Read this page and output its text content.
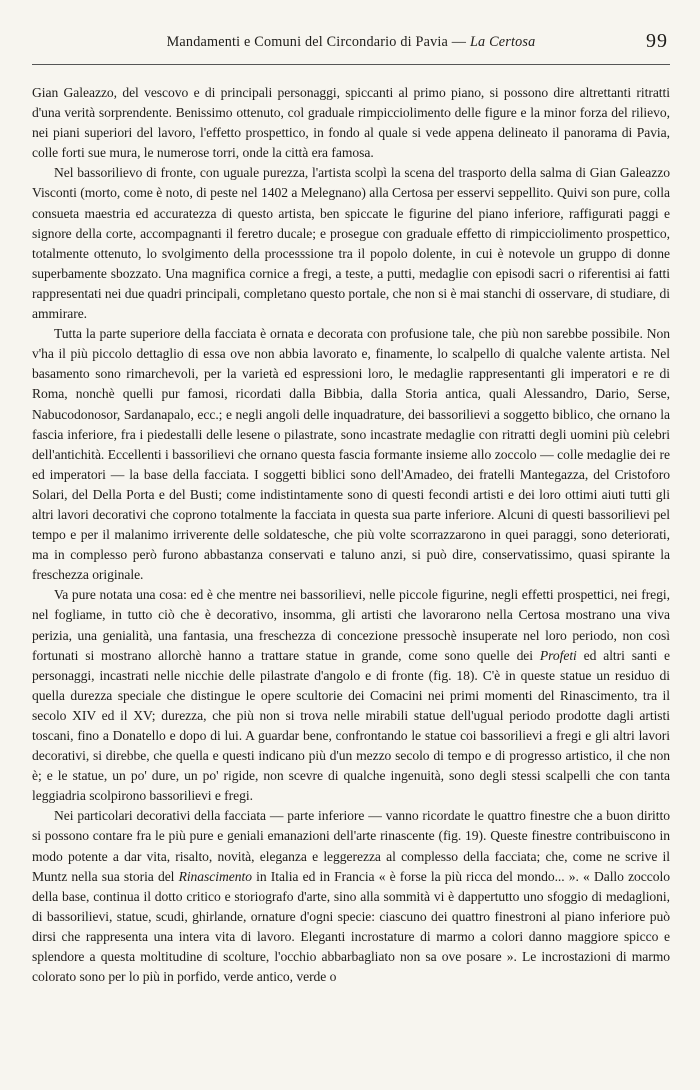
Mandamenti e Comuni del Circondario di Pavia — La Certosa	99

Gian Galeazzo, del vescovo e di principali personaggi, spiccanti al primo piano, si possono dire altrettanti ritratti d'una verità sorprendente. Benissimo ottenuto, col graduale rimpicciolimento delle figure e la minor forza del rilievo, nei piani superiori del lavoro, l'effetto prospettico, in fondo al quale si vede appena delineato il panorama di Pavia, colle forti sue mura, le numerose torri, onde la città era famosa.

Nel bassorilievo di fronte, con uguale purezza, l'artista scolpì la scena del trasporto della salma di Gian Galeazzo Visconti (morto, come è noto, di peste nel 1402 a Melegnano) alla Certosa per esservi seppellito. Quivi son pure, colla consueta maestria ed accuratezza di questo artista, ben spiccate le figurine del piano inferiore, raffigurati paggi e signore della corte, accompagnanti il feretro ducale; e prosegue con graduale effetto di rimpicciolimento prospettico, totalmente ottenuto, lo svolgimento della processsione tra il popolo dolente, in cui è notevole un gruppo di donne superbamente sbozzato. Una magnifica cornice a fregi, a teste, a putti, medaglie con episodi sacri o riferentisi ai fatti rappresentati nei due quadri principali, completano questo portale, che non si è mai stanchi di osservare, di studiare, di ammirare.

Tutta la parte superiore della facciata è ornata e decorata con profusione tale, che più non sarebbe possibile. Non v'ha il più piccolo dettaglio di essa ove non abbia lavorato e, finamente, lo scalpello di qualche valente artista. Nel basamento sono rimarchevoli, per la varietà ed espressioni loro, le medaglie rappresentanti gli imperatori e re di Roma, nonchè quelli pur famosi, ricordati dalla Bibbia, dalla Storia antica, quali Alessandro, Dario, Serse, Nabucodonosor, Sardanapalo, ecc.; e negli angoli delle inquadrature, dei bassorilievi a soggetto biblico, che ornano la fascia inferiore, fra i piedestalli delle lesene o pilastrate, sono incastrate medaglie con ritratti degli uomini più celebri dell'antichità. Eccellenti i bassorilievi che ornano questa fascia formante insieme allo zoccolo — colle medaglie dei re ed imperatori — la base della facciata. I soggetti biblici sono dell'Amadeo, dei fratelli Mantegazza, del Cristoforo Solari, del Della Porta e del Busti; come indistintamente sono di questi fecondi artisti e dei loro ottimi aiuti tutti gli altri lavori decorativi che coprono totalmente la facciata in questa sua parte inferiore. Alcuni di questi bassorilievi pel tempo e per il malanimo irriverente delle soldatesche, che più volte scorrazzarono in quei paraggi, sono deteriorati, ma in complesso però furono abbastanza conservati e taluno anzi, si può dire, conservatissimo, quasi spirante la freschezza originale.

Va pure notata una cosa: ed è che mentre nei bassorilievi, nelle piccole figurine, negli effetti prospettici, nei fregi, nel fogliame, in tutto ciò che è decorativo, insomma, gli artisti che lavorarono nella Certosa mostrano una viva perizia, una genialità, una fantasia, una freschezza di concezione pressochè insuperate nel loro periodo, non così fortunati si mostrano allorchè hanno a trattare statue in grande, come sono quelle dei Profeti ed altri santi e personaggi, incastrati nelle nicchie delle pilastrate d'angolo e di fronte (fig. 18). C'è in queste statue un residuo di quella durezza speciale che distingue le opere scultorie dei Comacini nei primi momenti del Rinascimento, tra il secolo XIV ed il XV; durezza, che più non si trova nelle mirabili statue dell'ugual periodo prodotte dagli artisti toscani, fino a Donatello e dopo di lui. A guardar bene, confrontando le statue coi bassorilievi a fregi e gli altri lavori decorativi, si direbbe, che quella e questi indicano più d'un mezzo secolo di tempo e di progresso artistico, il che non è; e le statue, un po' dure, un po' rigide, non scevre di qualche ingenuità, sono degli stessi scalpelli che con tanta leggiadria scolpirono bassorilievi e fregi.

Nei particolari decorativi della facciata — parte inferiore — vanno ricordate le quattro finestre che a buon diritto si possono contare fra le più pure e geniali emanazioni dell'arte rinascente (fig. 19). Queste finestre contribuiscono in modo potente a dar vita, risalto, novità, eleganza e leggerezza al complesso della facciata; che, come ne scrive il Muntz nella sua storia del Rinascimento in Italia ed in Francia « è forse la più ricca del mondo... ». « Dallo zoccolo della base, continua il dotto critico e storiografo d'arte, sino alla sommità vi è dappertutto uno sfoggio di medaglioni, di bassorilievi, statue, scudi, ghirlande, ornature d'ogni specie: ciascuno dei quattro finestroni al piano inferiore può dirsi che rappresenta una intera vita di lavoro. Eleganti incrostature di marmo a colori danno maggiore spicco e splendore a questa moltitudine di scolture, l'occhio abbarbagliato non sa ove posare ». Le incrostazioni di marmo colorato sono per lo più in porfido, verde antico, verde o
